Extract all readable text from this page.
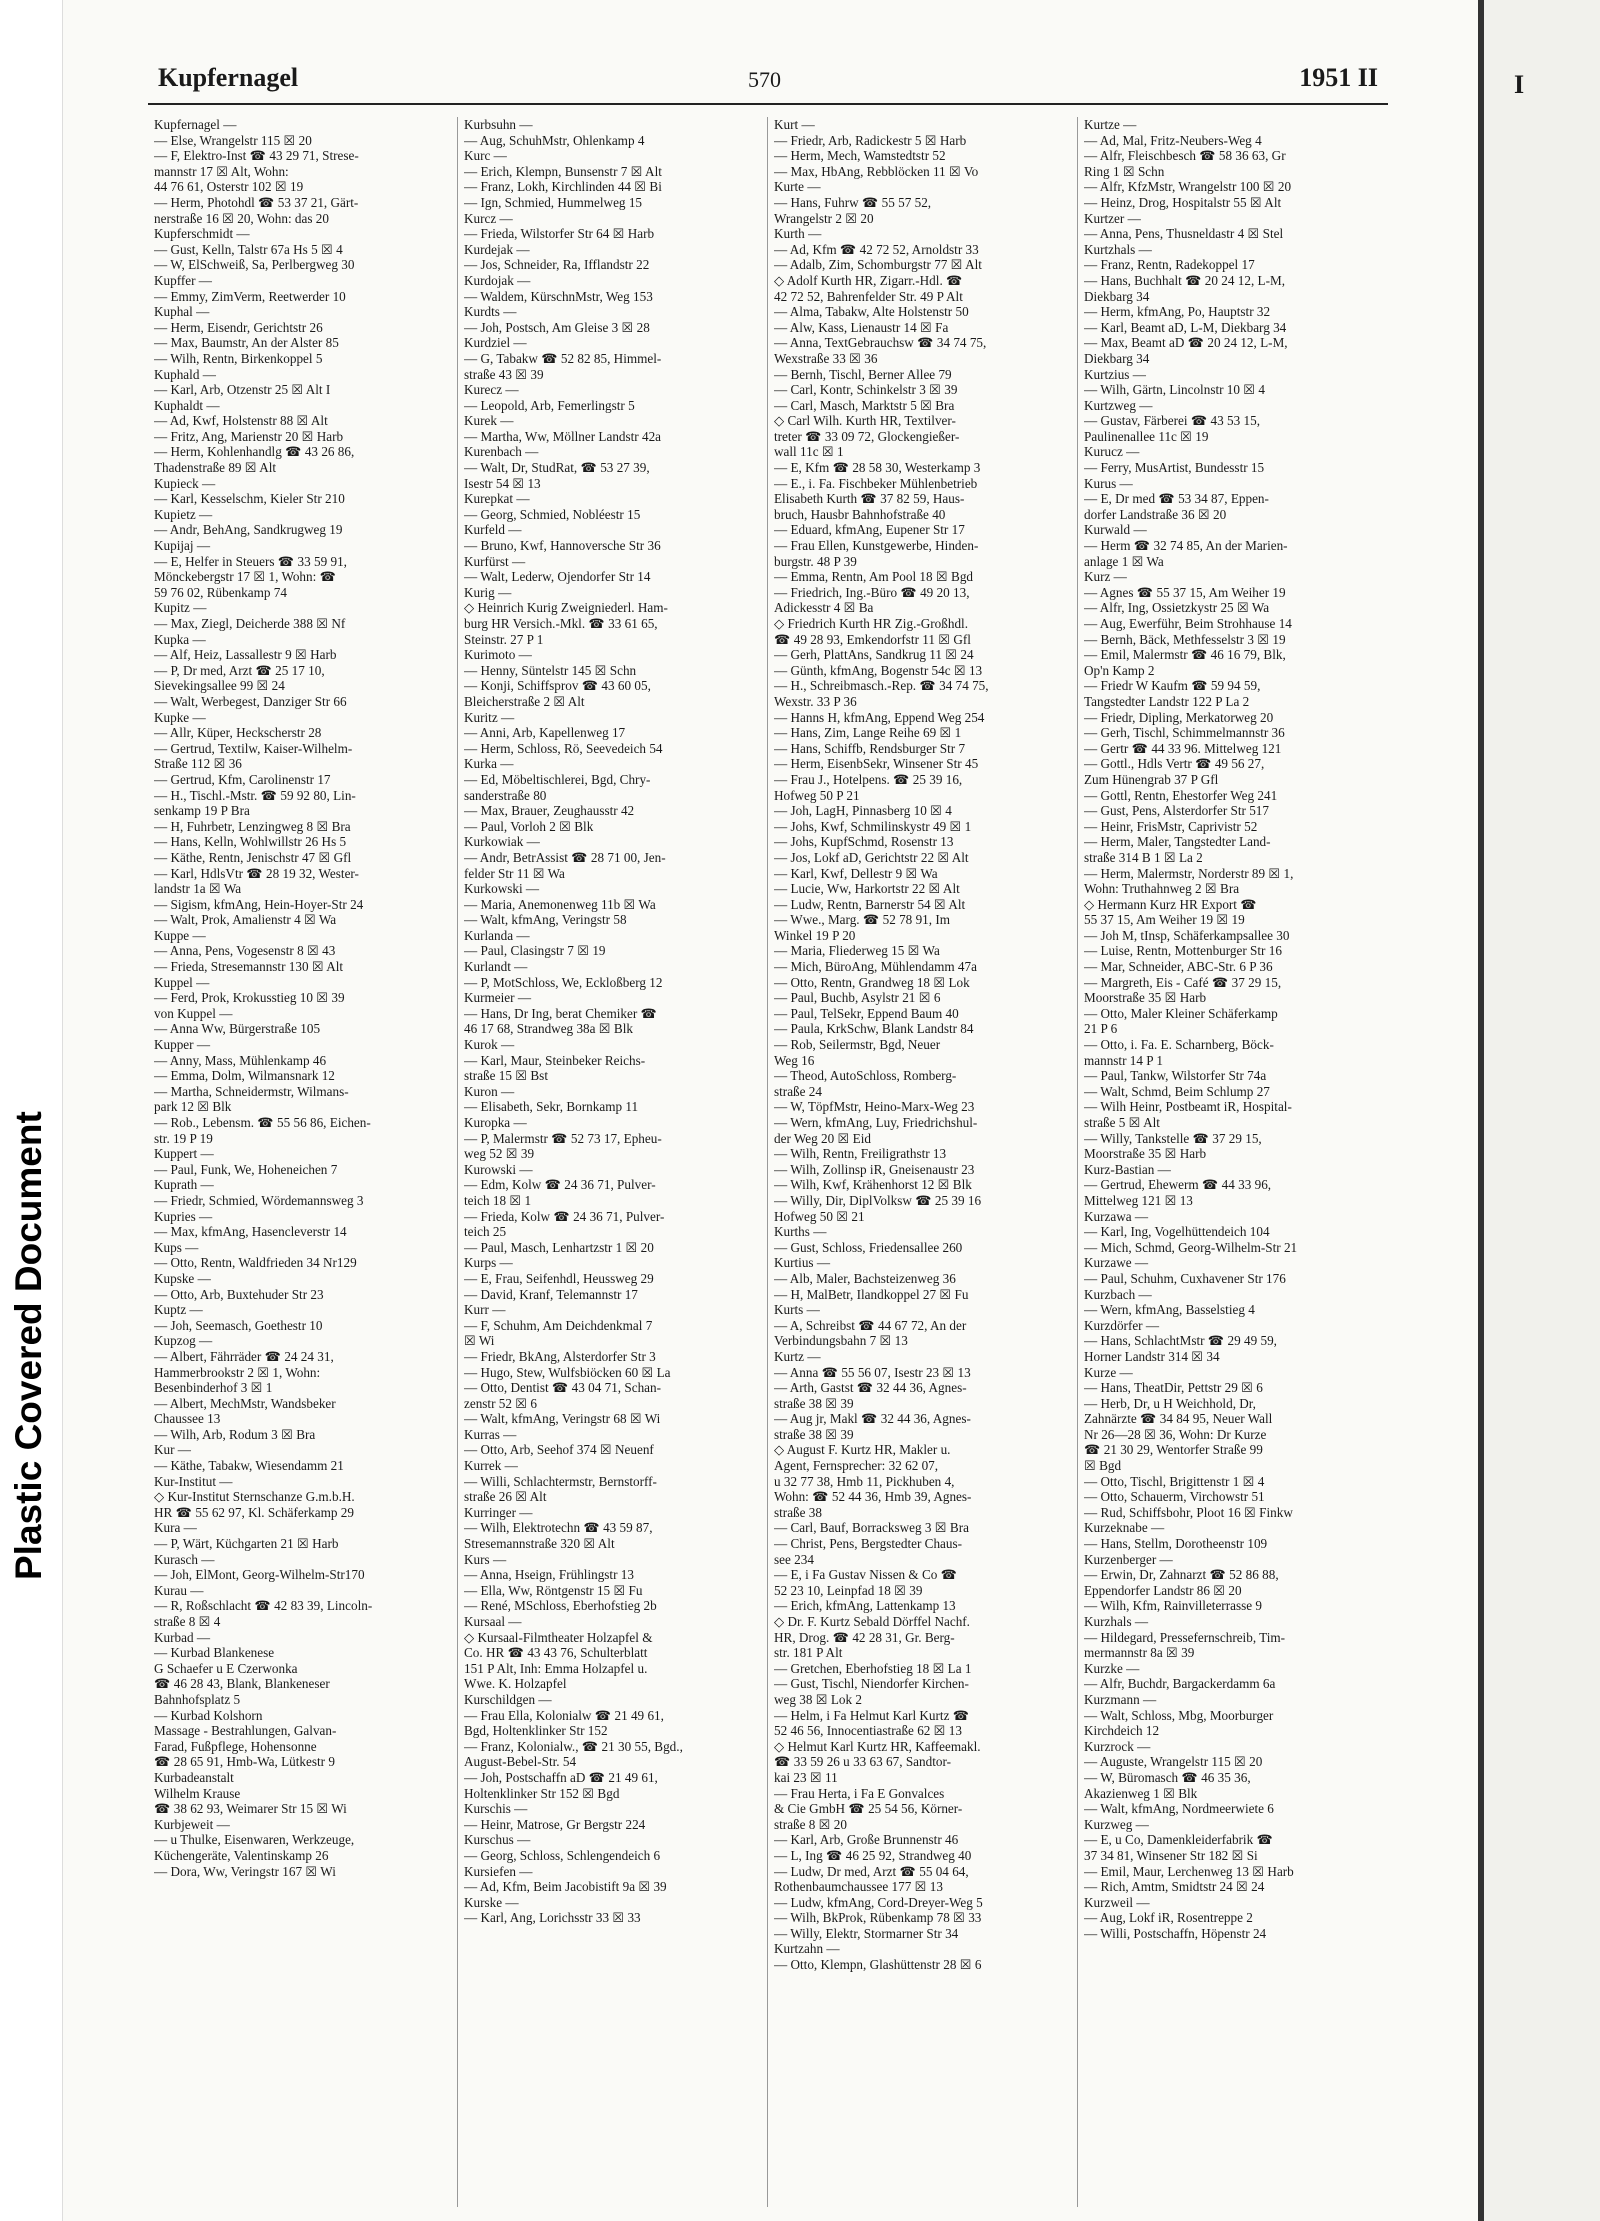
Plastic Covered Document
Kupfernagel	570	1951 II
Kupfernagel —
— Else, Wrangelstr 115 ☒ 20
— F, Elektro-Inst ☎ 43 29 71, Strese-
mannstr 17 ☒ Alt, Wohn:
44 76 61, Osterstr 102 ☒ 19
— Herm, Photohdl ☎ 53 37 21, Gärt-
nerstraße 16 ☒ 20, Wohn: das 20
Kupferschmidt —
— Gust, Kelln, Talstr 67a Hs 5 ☒ 4
— W, ElSchweiß, Sa, Perlbergweg 30
Kupffer —
— Emmy, ZimVerm, Reetwerder 10
Kuphal —
— Herm, Eisendr, Gerichtstr 26
— Max, Baumstr, An der Alster 85
— Wilh, Rentn, Birkenkoppel 5
Kuphald —
— Karl, Arb, Otzenstr 25 ☒ Alt I
Kuphaldt —
— Ad, Kwf, Holstenstr 88 ☒ Alt
— Fritz, Ang, Marienstr 20 ☒ Harb
— Herm, Kohlenhandlg ☎ 43 26 86,
Thadenstraße 89 ☒ Alt
Kupieck —
— Karl, Kesselschm, Kieler Str 210
Kupietz —
— Andr, BehAng, Sandkrugweg 19
Kupijaj —
— E, Helfer in Steuers ☎ 33 59 91,
Mönckebergstr 17 ☒ 1, Wohn: ☎
59 76 02, Rübenkamp 74
Kupitz —
— Max, Ziegl, Deicherde 388 ☒ Nf
Kupka —
— Alf, Heiz, Lassallestr 9 ☒ Harb
— P, Dr med, Arzt ☎ 25 17 10,
Sievekingsallee 99 ☒ 24
— Walt, Werbegest, Danziger Str 66
Kupke —
— Allr, Küper, Heckscherstr 28
— Gertrud, Textilw, Kaiser-Wilhelm-
Straße 112 ☒ 36
— Gertrud, Kfm, Carolinenstr 17
— H., Tischl.-Mstr. ☎ 59 92 80, Lin-
senkamp 19 P Bra
— H, Fuhrbetr, Lenzingweg 8 ☒ Bra
— Hans, Kelln, Wohlwillstr 26 Hs 5
— Käthe, Rentn, Jenischstr 47 ☒ Gfl
— Karl, HdlsVtr ☎ 28 19 32, Wester-
landstr 1a ☒ Wa
— Sigism, kfmAng, Hein-Hoyer-Str 24
— Walt, Prok, Amalienstr 4 ☒ Wa
Kuppe —
— Anna, Pens, Vogesenstr 8 ☒ 43
— Frieda, Stresemannstr 130 ☒ Alt
Kuppel —
— Ferd, Prok, Krokusstieg 10 ☒ 39
von Kuppel —
— Anna Ww, Bürgerstraße 105
Kupper —
— Anny, Mass, Mühlenkamp 46
— Emma, Dolm, Wilmansnark 12
— Martha, Schneidermstr, Wilmans-
park 12 ☒ Blk
— Rob., Lebensm. ☎ 55 56 86, Eichen-
str. 19 P 19
Kuppert —
— Paul, Funk, We, Hoheneichen 7
Kuprath —
— Friedr, Schmied, Wördemannsweg 3
Kupries —
— Max, kfmAng, Hasencleverstr 14
Kups —
— Otto, Rentn, Waldfrieden 34 Nr129
Kupske —
— Otto, Arb, Buxtehuder Str 23
Kuptz —
— Joh, Seemasch, Goethestr 10
Kupzog —
— Albert, Fährräder ☎ 24 24 31,
Hammerbrookstr 2 ☒ 1, Wohn:
Besenbinderhof 3 ☒ 1
— Albert, MechMstr, Wandsbeker
Chaussee 13
— Wilh, Arb, Rodum 3 ☒ Bra
Kur —
— Käthe, Tabakw, Wiesendamm 21
Kur-Institut —
◇ Kur-Institut Sternschanze G.m.b.H.
HR ☎ 55 62 97, Kl. Schäferkamp 29
Kura —
— P, Wärt, Küchgarten 21 ☒ Harb
Kurasch —
— Joh, ElMont, Georg-Wilhelm-Str170
Kurau —
— R, Roßschlacht ☎ 42 83 39, Lincoln-
straße 8 ☒ 4
Kurbad —
— Kurbad Blankenese
G Schaefer u E Czerwonka
☎ 46 28 43, Blank, Blankeneser
Bahnhofsplatz 5
— Kurbad Kolshorn
Massage - Bestrahlungen, Galvan-
Farad, Fußpflege, Hohensonne
☎ 28 65 91, Hmb-Wa, Lütkestr 9
Kurbadeanstalt
Wilhelm Krause
☎ 38 62 93, Weimarer Str 15 ☒ Wi
Kurbjeweit —
— u Thulke, Eisenwaren, Werkzeuge,
Küchengeräte, Valentinskamp 26
— Dora, Ww, Veringstr 167 ☒ Wi
Kurbsuhn —
— Aug, SchuhMstr, Ohlenkamp 4
Kurc —
— Erich, Klempn, Bunsenstr 7 ☒ Alt
— Franz, Lokh, Kirchlinden 44 ☒ Bi
— Ign, Schmied, Hummelweg 15
Kurcz —
— Frieda, Wilstorfer Str 64 ☒ Harb
Kurdejak —
— Jos, Schneider, Ra, Ifflandstr 22
Kurdojak —
— Waldem, KürschnMstr, Weg 153
Kurdts —
— Joh, Postsch, Am Gleise 3 ☒ 28
Kurdziel —
— G, Tabakw ☎ 52 82 85, Himmel-
straße 43 ☒ 39
Kurecz —
— Leopold, Arb, Femerlingstr 5
Kurek —
— Martha, Ww, Möllner Landstr 42a
Kurenbach —
— Walt, Dr, StudRat, ☎ 53 27 39,
Isestr 54 ☒ 13
Kurepkat —
— Georg, Schmied, Nobléestr 15
Kurfeld —
— Bruno, Kwf, Hannoversche Str 36
Kurfürst —
— Walt, Lederw, Ojendorfer Str 14
Kurig —
◇ Heinrich Kurig Zweigniederl. Ham-
burg HR Versich.-Mkl. ☎ 33 61 65,
Steinstr. 27 P 1
Kurimoto —
— Henny, Süntelstr 145 ☒ Schn
— Konji, Schiffsprov ☎ 43 60 05,
Bleicherstraße 2 ☒ Alt
Kuritz —
— Anni, Arb, Kapellenweg 17
— Herm, Schloss, Rö, Seevedeich 54
Kurka —
— Ed, Möbeltischlerei, Bgd, Chry-
sanderstraße 80
— Max, Brauer, Zeughausstr 42
— Paul, Vorloh 2 ☒ Blk
Kurkowiak —
— Andr, BetrAssist ☎ 28 71 00, Jen-
felder Str 11 ☒ Wa
Kurkowski —
— Maria, Anemonenweg 11b ☒ Wa
— Walt, kfmAng, Veringstr 58
Kurlanda —
— Paul, Clasingstr 7 ☒ 19
Kurlandt —
— P, MotSchloss, We, Eckloßberg 12
Kurmeier —
— Hans, Dr Ing, berat Chemiker ☎
46 17 68, Strandweg 38a ☒ Blk
Kurok —
— Karl, Maur, Steinbeker Reichs-
straße 15 ☒ Bst
Kuron —
— Elisabeth, Sekr, Bornkamp 11
Kuropka —
— P, Malermstr ☎ 52 73 17, Epheu-
weg 52 ☒ 39
Kurowski —
— Edm, Kolw ☎ 24 36 71, Pulver-
teich 18 ☒ 1
— Frieda, Kolw ☎ 24 36 71, Pulver-
teich 25
— Paul, Masch, Lenhartzstr 1 ☒ 20
Kurps —
— E, Frau, Seifenhdl, Heussweg 29
— David, Kranf, Telemannstr 17
Kurr —
— F, Schuhm, Am Deichdenkmal 7
☒ Wi
— Friedr, BkAng, Alsterdorfer Str 3
— Hugo, Stew, Wulfsbiöcken 60 ☒ La
— Otto, Dentist ☎ 43 04 71, Schan-
zenstr 52 ☒ 6
— Walt, kfmAng, Veringstr 68 ☒ Wi
Kurras —
— Otto, Arb, Seehof 374 ☒ Neuenf
Kurrek —
— Willi, Schlachtermstr, Bernstorff-
straße 26 ☒ Alt
Kurringer —
— Wilh, Elektrotechn ☎ 43 59 87,
Stresemannstraße 320 ☒ Alt
Kurs —
— Anna, Hseign, Frühlingstr 13
— Ella, Ww, Röntgenstr 15 ☒ Fu
— René, MSchloss, Eberhofstieg 2b
Kursaal —
◇ Kursaal-Filmtheater Holzapfel &
Co. HR ☎ 43 43 76, Schulterblatt
151 P Alt, Inh: Emma Holzapfel u.
Wwe. K. Holzapfel
Kurschildgen —
— Frau Ella, Kolonialw ☎ 21 49 61,
Bgd, Holtenklinker Str 152
— Franz, Kolonialw., ☎ 21 30 55, Bgd.,
August-Bebel-Str. 54
— Joh, Postschaffn aD ☎ 21 49 61,
Holtenklinker Str 152 ☒ Bgd
Kurschis —
— Heinr, Matrose, Gr Bergstr 224
Kurschus —
— Georg, Schloss, Schlengendeich 6
Kursiefen —
— Ad, Kfm, Beim Jacobistift 9a ☒ 39
Kurske —
— Karl, Ang, Lorichsstr 33 ☒ 33
Kurt —
— Friedr, Arb, Radickestr 5 ☒ Harb
— Herm, Mech, Wamstedtstr 52
— Max, HbAng, Rebblöcken 11 ☒ Vo
Kurte —
— Hans, Fuhrw ☎ 55 57 52,
Wrangelstr 2 ☒ 20
Kurth —
— Ad, Kfm ☎ 42 72 52, Arnoldstr 33
— Adalb, Zim, Schomburgstr 77 ☒ Alt
◇ Adolf Kurth HR, Zigarr.-Hdl. ☎
42 72 52, Bahrenfelder Str. 49 P Alt
— Alma, Tabakw, Alte Holstenstr 50
— Alw, Kass, Lienaustr 14 ☒ Fa
— Anna, TextGebrauchsw ☎ 34 74 75,
Wexstraße 33 ☒ 36
— Bernh, Tischl, Berner Allee 79
— Carl, Kontr, Schinkelstr 3 ☒ 39
— Carl, Masch, Marktstr 5 ☒ Bra
◇ Carl Wilh. Kurth HR, Textilver-
treter ☎ 33 09 72, Glockengießer-
wall 11c ☒ 1
— E, Kfm ☎ 28 58 30, Westerkamp 3
— E., i. Fa. Fischbeker Mühlenbetrieb
Elisabeth Kurth ☎ 37 82 59, Haus-
bruch, Hausbr Bahnhofstraße 40
— Eduard, kfmAng, Eupener Str 17
— Frau Ellen, Kunstgewerbe, Hinden-
burgstr. 48 P 39
— Emma, Rentn, Am Pool 18 ☒ Bgd
— Friedrich, Ing.-Büro ☎ 49 20 13,
Adickesstr 4 ☒ Ba
◇ Friedrich Kurth HR Zig.-Großhdl.
☎ 49 28 93, Emkendorfstr 11 ☒ Gfl
— Gerh, PlattAns, Sandkrug 11 ☒ 24
— Günth, kfmAng, Bogenstr 54c ☒ 13
— H., Schreibmasch.-Rep. ☎ 34 74 75,
Wexstr. 33 P 36
— Hanns H, kfmAng, Eppend Weg 254
— Hans, Zim, Lange Reihe 69 ☒ 1
— Hans, Schiffb, Rendsburger Str 7
— Herm, EisenbSekr, Winsener Str 45
— Frau J., Hotelpens. ☎ 25 39 16,
Hofweg 50 P 21
— Joh, LagH, Pinnasberg 10 ☒ 4
— Johs, Kwf, Schmilinskystr 49 ☒ 1
— Johs, KupfSchmd, Rosenstr 13
— Jos, Lokf aD, Gerichtstr 22 ☒ Alt
— Karl, Kwf, Dellestr 9 ☒ Wa
— Lucie, Ww, Harkortstr 22 ☒ Alt
— Ludw, Rentn, Barnerstr 54 ☒ Alt
— Wwe., Marg. ☎ 52 78 91, Im
Winkel 19 P 20
— Maria, Fliederweg 15 ☒ Wa
— Mich, BüroAng, Mühlendamm 47a
— Otto, Rentn, Grandweg 18 ☒ Lok
— Paul, Buchb, Asylstr 21 ☒ 6
— Paul, TelSekr, Eppend Baum 40
— Paula, KrkSchw, Blank Landstr 84
— Rob, Seilermstr, Bgd, Neuer
Weg 16
— Theod, AutoSchloss, Romberg-
straße 24
— W, TöpfMstr, Heino-Marx-Weg 23
— Wern, kfmAng, Luy, Friedrichshul-
der Weg 20 ☒ Eid
— Wilh, Rentn, Freiligrathstr 13
— Wilh, Zollinsp iR, Gneisenaustr 23
— Wilh, Kwf, Krähenhorst 12 ☒ Blk
— Willy, Dir, DiplVolksw ☎ 25 39 16
Hofweg 50 ☒ 21
Kurths —
— Gust, Schloss, Friedensallee 260
Kurtius —
— Alb, Maler, Bachsteizenweg 36
— H, MalBetr, Ilandkoppel 27 ☒ Fu
Kurts —
— A, Schreibst ☎ 44 67 72, An der
Verbindungsbahn 7 ☒ 13
Kurtz —
— Anna ☎ 55 56 07, Isestr 23 ☒ 13
— Arth, Gastst ☎ 32 44 36, Agnes-
straße 38 ☒ 39
— Aug jr, Makl ☎ 32 44 36, Agnes-
straße 38 ☒ 39
◇ August F. Kurtz HR, Makler u.
Agent, Fernsprecher: 32 62 07,
u 32 77 38, Hmb 11, Pickhuben 4,
Wohn: ☎ 52 44 36, Hmb 39, Agnes-
straße 38
— Carl, Bauf, Borracksweg 3 ☒ Bra
— Christ, Pens, Bergstedter Chaus-
see 234
— E, i Fa Gustav Nissen & Co ☎
52 23 10, Leinpfad 18 ☒ 39
— Erich, kfmAng, Lattenkamp 13
◇ Dr. F. Kurtz Sebald Dörffel Nachf.
HR, Drog. ☎ 42 28 31, Gr. Berg-
str. 181 P Alt
— Gretchen, Eberhofstieg 18 ☒ La 1
— Gust, Tischl, Niendorfer Kirchen-
weg 38 ☒ Lok 2
— Helm, i Fa Helmut Karl Kurtz ☎
52 46 56, Innocentiastraße 62 ☒ 13
◇ Helmut Karl Kurtz HR, Kaffeemakl.
☎ 33 59 26 u 33 63 67, Sandtor-
kai 23 ☒ 11
— Frau Herta, i Fa E Gonvalces
& Cie GmbH ☎ 25 54 56, Körner-
straße 8 ☒ 20
— Karl, Arb, Große Brunnenstr 46
— L, Ing ☎ 46 25 92, Strandweg 40
— Ludw, Dr med, Arzt ☎ 55 04 64,
Rothenbaumchaussee 177 ☒ 13
— Ludw, kfmAng, Cord-Dreyer-Weg 5
— Wilh, BkProk, Rübenkamp 78 ☒ 33
— Willy, Elektr, Stormarner Str 34
Kurtzahn —
— Otto, Klempn, Glashüttenstr 28 ☒ 6
Kurtze —
— Ad, Mal, Fritz-Neubers-Weg 4
— Alfr, Fleischbesch ☎ 58 36 63, Gr
Ring 1 ☒ Schn
— Alfr, KfzMstr, Wrangelstr 100 ☒ 20
— Heinz, Drog, Hospitalstr 55 ☒ Alt
Kurtzer —
— Anna, Pens, Thusneldastr 4 ☒ Stel
Kurtzhals —
— Franz, Rentn, Radekoppel 17
— Hans, Buchhalt ☎ 20 24 12, L-M,
Diekbarg 34
— Herm, kfmAng, Po, Hauptstr 32
— Karl, Beamt aD, L-M, Diekbarg 34
— Max, Beamt aD ☎ 20 24 12, L-M,
Diekbarg 34
Kurtzius —
— Wilh, Gärtn, Lincolnstr 10 ☒ 4
Kurtzweg —
— Gustav, Färberei ☎ 43 53 15,
Paulinenallee 11c ☒ 19
Kurucz —
— Ferry, MusArtist, Bundesstr 15
Kurus —
— E, Dr med ☎ 53 34 87, Eppen-
dorfer Landstraße 36 ☒ 20
Kurwald —
— Herm ☎ 32 74 85, An der Marien-
anlage 1 ☒ Wa
Kurz —
— Agnes ☎ 55 37 15, Am Weiher 19
— Alfr, Ing, Ossietzkystr 25 ☒ Wa
— Aug, Ewerführ, Beim Strohhause 14
— Bernh, Bäck, Methfesselstr 3 ☒ 19
— Emil, Malermstr ☎ 46 16 79, Blk,
Op'n Kamp 2
— Friedr W Kaufm ☎ 59 94 59,
Tangstedter Landstr 122 P La 2
— Friedr, Dipling, Merkatorweg 20
— Gerh, Tischl, Schimmelmannstr 36
— Gertr ☎ 44 33 96. Mittelweg 121
— Gottl., Hdls Vertr ☎ 49 56 27,
Zum Hünengrab 37 P Gfl
— Gottl, Rentn, Ehestorfer Weg 241
— Gust, Pens, Alsterdorfer Str 517
— Heinr, FrisMstr, Caprivistr 52
— Herm, Maler, Tangstedter Land-
straße 314 B 1 ☒ La 2
— Herm, Malermstr, Norderstr 89 ☒ 1,
Wohn: Truthahnweg 2 ☒ Bra
◇ Hermann Kurz HR Export ☎
55 37 15, Am Weiher 19 ☒ 19
— Joh M, tInsp, Schäferkampsallee 30
— Luise, Rentn, Mottenburger Str 16
— Mar, Schneider, ABC-Str. 6 P 36
— Margreth, Eis - Café ☎ 37 29 15,
Moorstraße 35 ☒ Harb
— Otto, Maler Kleiner Schäferkamp
21 P 6
— Otto, i. Fa. E. Scharnberg, Böck-
mannstr 14 P 1
— Paul, Tankw, Wilstorfer Str 74a
— Walt, Schmd, Beim Schlump 27
— Wilh Heinr, Postbeamt iR, Hospital-
straße 5 ☒ Alt
— Willy, Tankstelle ☎ 37 29 15,
Moorstraße 35 ☒ Harb
Kurz-Bastian —
— Gertrud, Ehewerm ☎ 44 33 96,
Mittelweg 121 ☒ 13
Kurzawa —
— Karl, Ing, Vogelhüttendeich 104
— Mich, Schmd, Georg-Wilhelm-Str 21
Kurzawe —
— Paul, Schuhm, Cuxhavener Str 176
Kurzbach —
— Wern, kfmAng, Basselstieg 4
Kurzdörfer —
— Hans, SchlachtMstr ☎ 29 49 59,
Horner Landstr 314 ☒ 34
Kurze —
— Hans, TheatDir, Pettstr 29 ☒ 6
— Herb, Dr, u H Weichhold, Dr,
Zahnärzte ☎ 34 84 95, Neuer Wall
Nr 26—28 ☒ 36, Wohn: Dr Kurze
☎ 21 30 29, Wentorfer Straße 99
☒ Bgd
— Otto, Tischl, Brigittenstr 1 ☒ 4
— Otto, Schauerm, Virchowstr 51
— Rud, Schiffsbohr, Ploot 16 ☒ Finkw
Kurzeknabe —
— Hans, Stellm, Dorotheenstr 109
Kurzenberger —
— Erwin, Dr, Zahnarzt ☎ 52 86 88,
Eppendorfer Landstr 86 ☒ 20
— Wilh, Kfm, Rainvilleterrasse 9
Kurzhals —
— Hildegard, Pressefernschreib, Tim-
mermannstr 8a ☒ 39
Kurzke —
— Alfr, Buchdr, Bargackerdamm 6a
Kurzmann —
— Walt, Schloss, Mbg, Moorburger
Kirchdeich 12
Kurzrock —
— Auguste, Wrangelstr 115 ☒ 20
— W, Büromasch ☎ 46 35 36,
Akazienweg 1 ☒ Blk
— Walt, kfmAng, Nordmeerwiete 6
Kurzweg —
— E, u Co, Damenkleiderfabrik ☎
37 34 81, Winsener Str 182 ☒ Si
— Emil, Maur, Lerchenweg 13 ☒ Harb
— Rich, Amtm, Smidtstr 24 ☒ 24
Kurzweil —
— Aug, Lokf iR, Rosentreppe 2
— Willi, Postschaffn, Höpenstr 24
I
